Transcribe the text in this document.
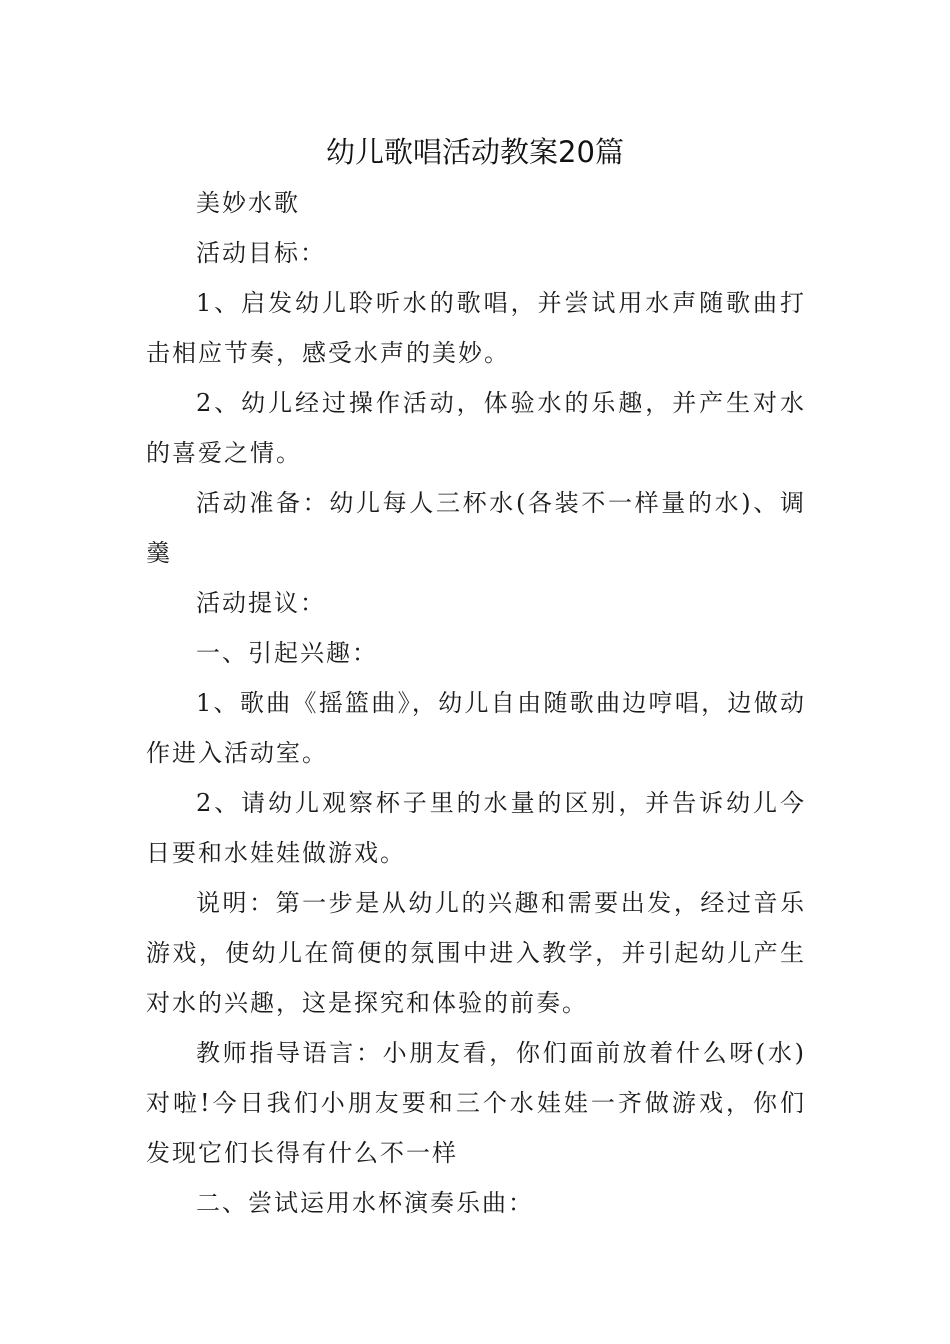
幼儿歌唱活动教案20篇

美妙水歌

活动目标：

1、启发幼儿聆听水的歌唱，并尝试用水声随歌曲打击相应节奏，感受水声的美妙。

2、幼儿经过操作活动，体验水的乐趣，并产生对水的喜爱之情。

活动准备：幼儿每人三杯水(各装不一样量的水)、调羹

活动提议：

一、引起兴趣：

1、歌曲《摇篮曲》，幼儿自由随歌曲边哼唱，边做动作进入活动室。

2、请幼儿观察杯子里的水量的区别，并告诉幼儿今日要和水娃娃做游戏。

说明：第一步是从幼儿的兴趣和需要出发，经过音乐游戏，使幼儿在简便的氛围中进入教学，并引起幼儿产生对水的兴趣，这是探究和体验的前奏。

教师指导语言：小朋友看，你们面前放着什么呀(水)对啦!今日我们小朋友要和三个水娃娃一齐做游戏，你们发现它们长得有什么不一样

二、尝试运用水杯演奏乐曲：
